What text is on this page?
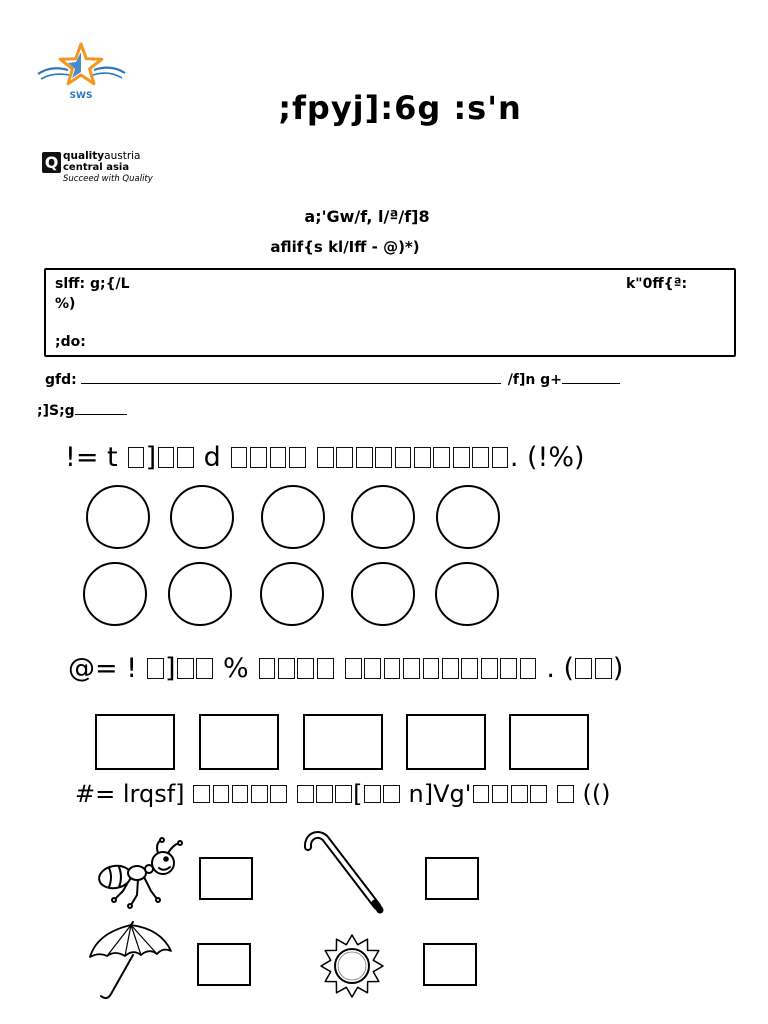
SWS	;fpyj]:6g :s'n
Q qualityaustria
central asia
Succeed with Quality
a;'Gw/f, l/ª/f]8
aflif{s kl/Iff - @)*)
slff: g;{/L	k"0ff{ª:
%)
;do:
gfd:	/f]n g+
;]S;g
!= t ] d	. (!%)
@= ! ] %	. ( )
#= lrqsf]	[ n]Vg'	(()
